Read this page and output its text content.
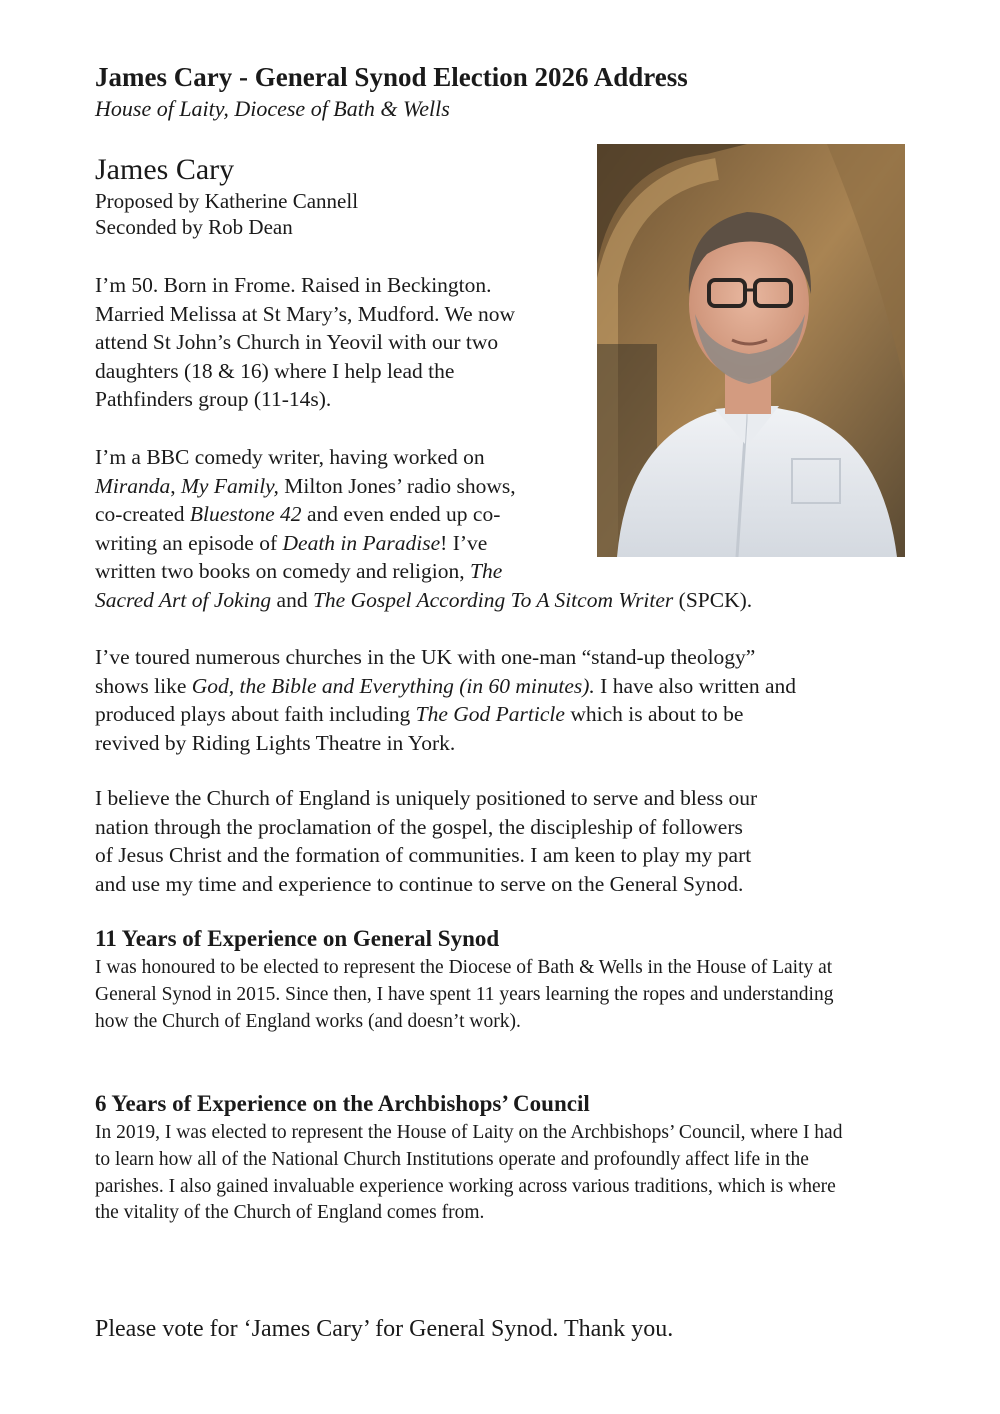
James Cary - General Synod Election 2026 Address

House of Laity, Diocese of Bath & Wells

James Cary

Proposed by Katherine Cannell

Seconded by Rob Dean

I’m 50. Born in Frome. Raised in Beckington.
Married Melissa at St Mary’s, Mudford. We now
attend St John’s Church in Yeovil with our two
daughters (18 & 16) where I help lead the
Pathfinders group (11-14s).

I’m a BBC comedy writer, having worked on
Miranda, My Family, Milton Jones’ radio shows,
co-created Bluestone 42 and even ended up co-
writing an episode of Death in Paradise! I’ve
written two books on comedy and religion, The
Sacred Art of Joking and The Gospel According To A Sitcom Writer (SPCK).

I’ve toured numerous churches in the UK with one-man “stand-up theology”
shows like God, the Bible and Everything (in 60 minutes). I have also written and
produced plays about faith including The God Particle which is about to be
revived by Riding Lights Theatre in York.

I believe the Church of England is uniquely positioned to serve and bless our
nation through the proclamation of the gospel, the discipleship of followers
of Jesus Christ and the formation of communities. I am keen to play my part
and use my time and experience to continue to serve on the General Synod.

11 Years of Experience on General Synod

I was honoured to be elected to represent the Diocese of Bath & Wells in the House of Laity at General Synod in 2015. Since then, I have spent 11 years learning the ropes and understanding how the Church of England works (and doesn’t work).

6 Years of Experience on the Archbishops’ Council

In 2019, I was elected to represent the House of Laity on the Archbishops’ Council, where I had to learn how all of the National Church Institutions operate and profoundly affect life in the parishes. I also gained invaluable experience working across various traditions, which is where the vitality of the Church of England comes from.

Please vote for ‘James Cary’ for General Synod. Thank you.
